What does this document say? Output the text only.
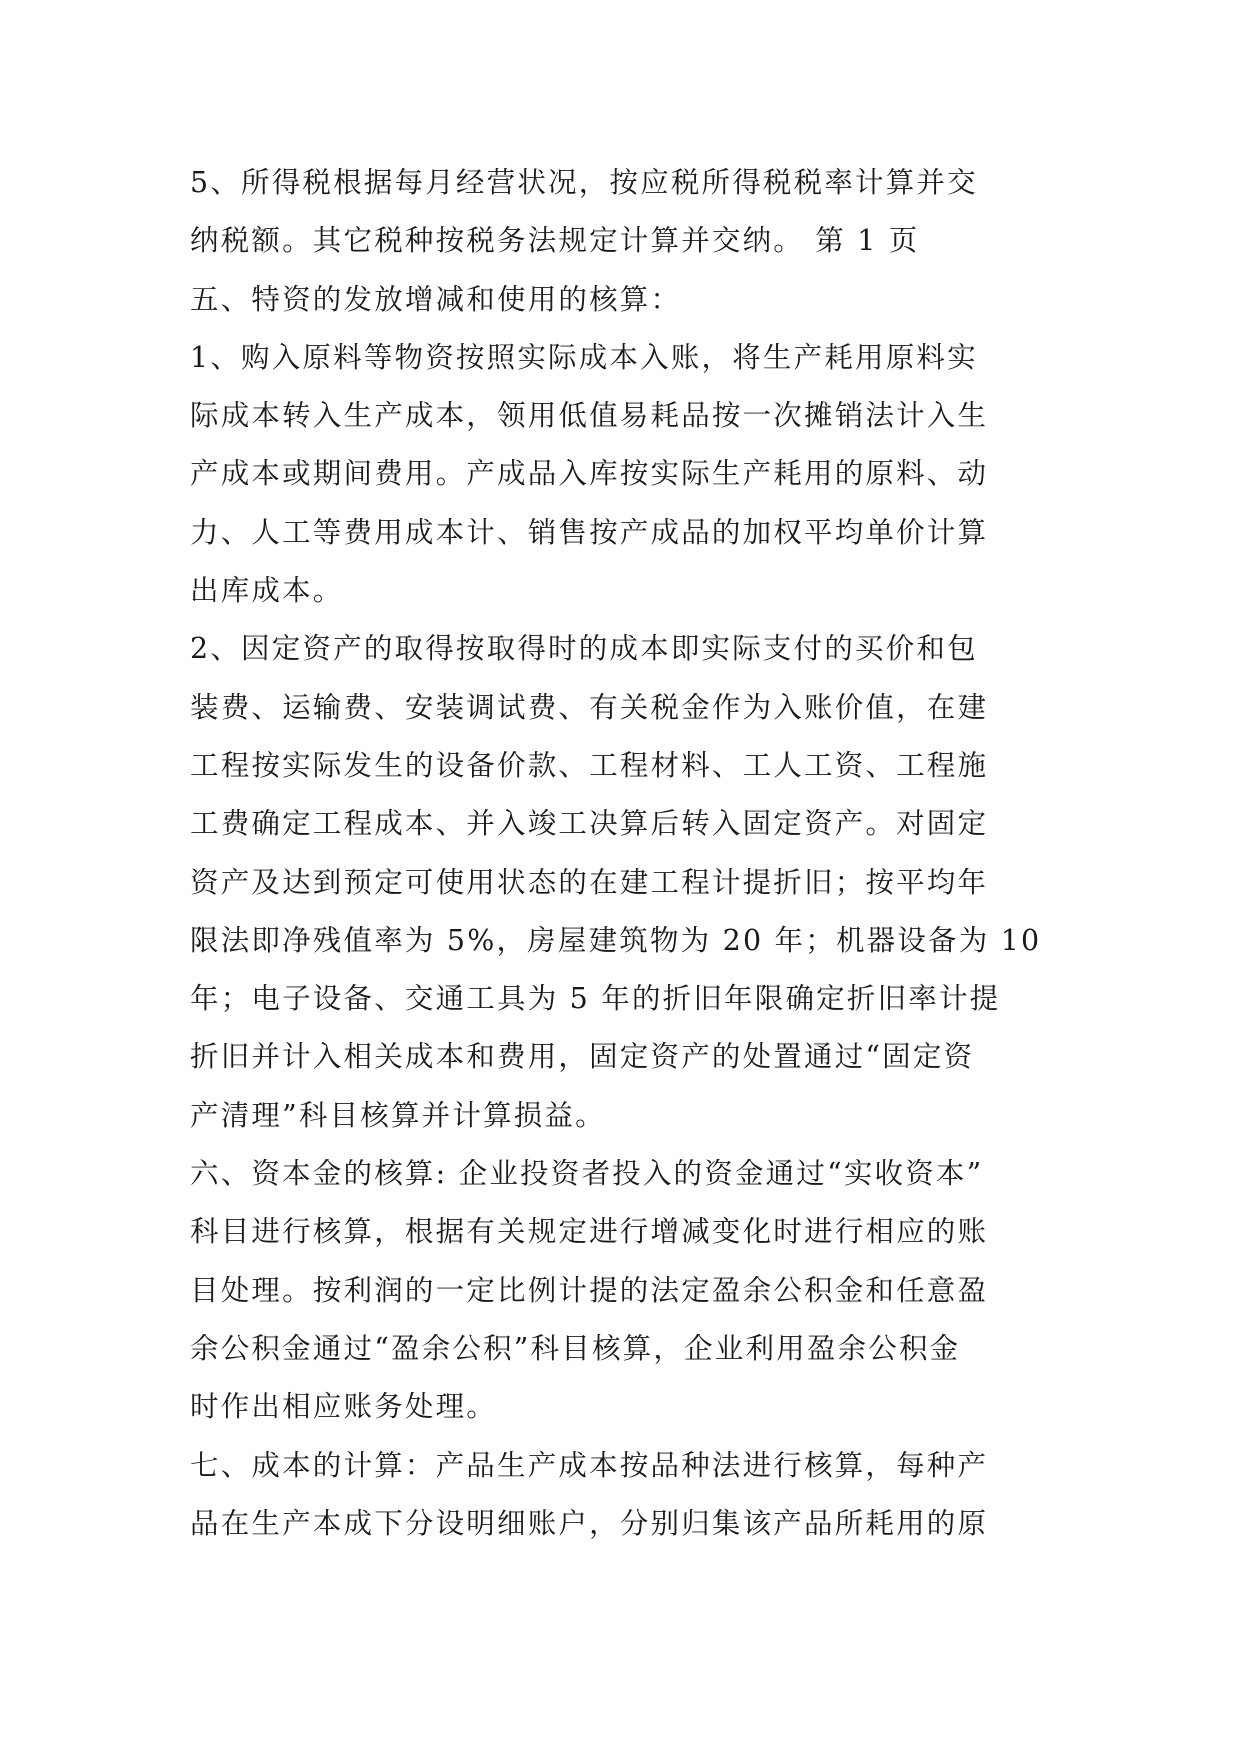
5、所得税根据每月经营状况，按应税所得税税率计算并交
纳税额。其它税种按税务法规定计算并交纳。 第 1 页
五、特资的发放增减和使用的核算：
1、购入原料等物资按照实际成本入账，将生产耗用原料实
际成本转入生产成本，领用低值易耗品按一次摊销法计入生
产成本或期间费用。产成品入库按实际生产耗用的原料、动
力、人工等费用成本计、销售按产成品的加权平均单价计算
出库成本。
2、因定资产的取得按取得时的成本即实际支付的买价和包
装费、运输费、安装调试费、有关税金作为入账价值，在建
工程按实际发生的设备价款、工程材料、工人工资、工程施
工费确定工程成本、并入竣工决算后转入固定资产。对固定
资产及达到预定可使用状态的在建工程计提折旧；按平均年
限法即净残值率为 5%，房屋建筑物为 20 年；机器设备为 10
年；电子设备、交通工具为 5 年的折旧年限确定折旧率计提
折旧并计入相关成本和费用，固定资产的处置通过“固定资
产清理”科目核算并计算损益。
六、资本金的核算: 企业投资者投入的资金通过“实收资本”
科目进行核算，根据有关规定进行增减变化时进行相应的账
目处理。按利润的一定比例计提的法定盈余公积金和任意盈
余公积金通过“盈余公积”科目核算，企业利用盈余公积金
时作出相应账务处理。
七、成本的计算：产品生产成本按品种法进行核算，每种产
品在生产本成下分设明细账户，分别归集该产品所耗用的原
